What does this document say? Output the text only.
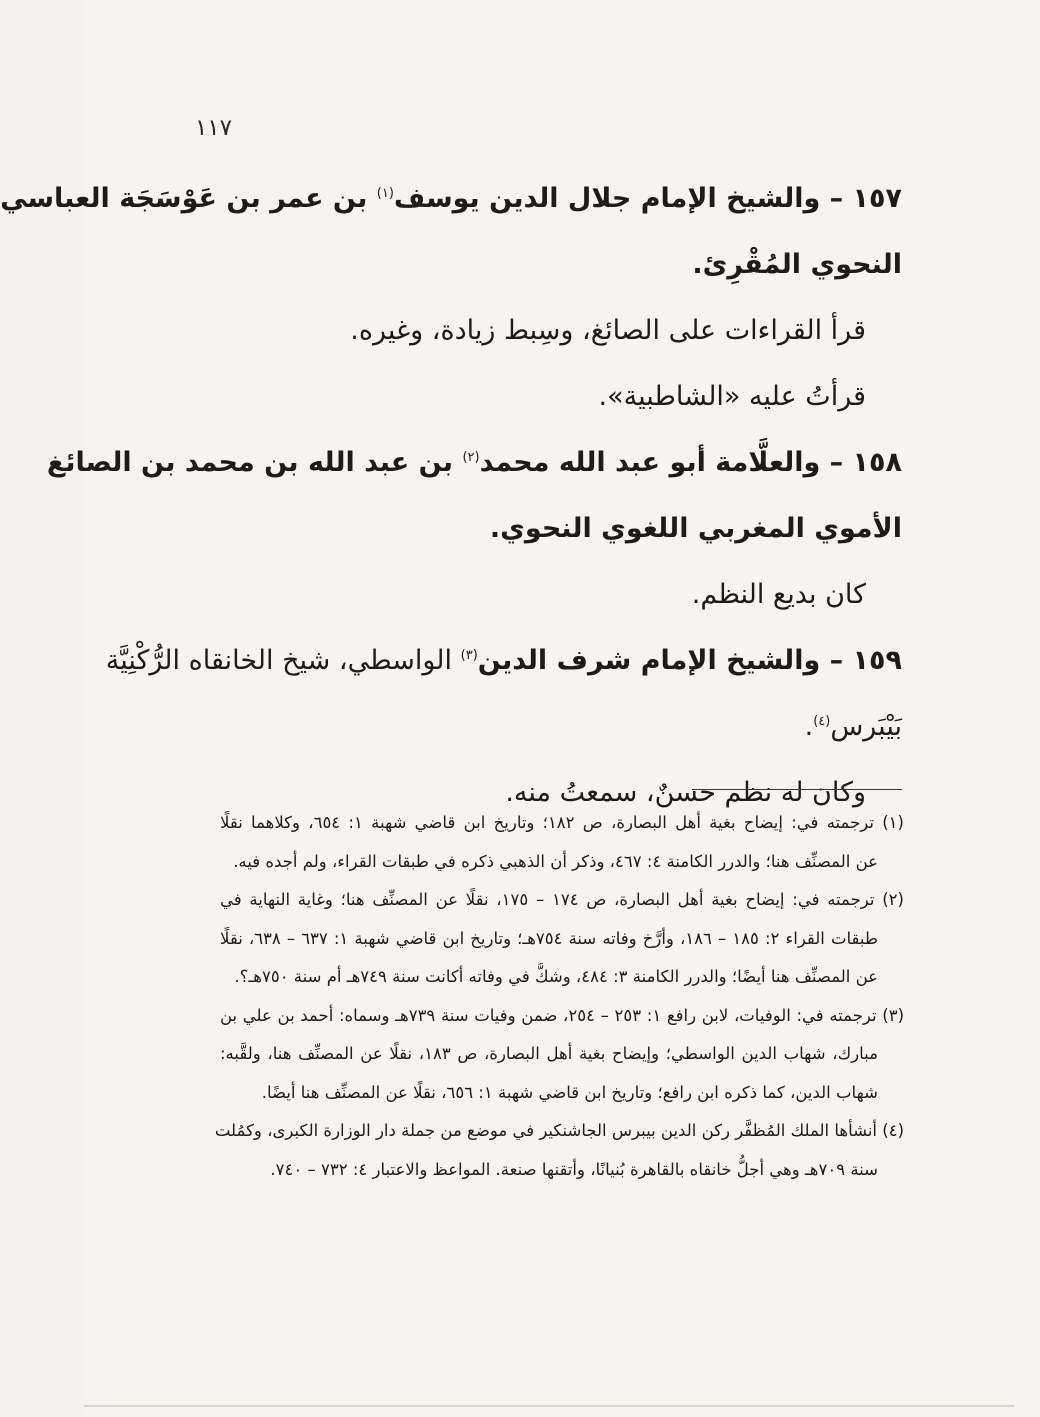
١١٧
١٥٧ – والشيخ الإمام جلال الدين يوسف$^{(١)}$ بن عمر بن عَوْسَجَة العباسي
النحوي المُقْرِئ.
قرأ القراءات على الصائغ، وسِبط زيادة، وغيره.
قرأتُ عليه «الشاطبية».
١٥٨ – والعلَّامة أبو عبد الله محمد$^{(٢)}$ بن عبد الله بن محمد بن الصائغ
الأموي المغربي اللغوي النحوي.
كان بديع النظم.
١٥٩ – والشيخ الإمام شرف الدين$^{(٣)}$ الواسطي، شيخ الخانقاه الرُّكْنِيَّة
بَيْبَرس$^{(٤)}$.
وكان له نظم حسنٌ، سمعتُ منه.
(١) ترجمته في: إيضاح بغية أهل البصارة، ص ١٨٢؛ وتاريخ ابن قاضي شهبة ١: ٦٥٤، وكلاهما نقلًا
عن المصنِّف هنا؛ والدرر الكامنة ٤: ٤٦٧، وذكر أن الذهبي ذكره في طبقات القراء، ولم أجده فيه.
(٢) ترجمته في: إيضاح بغية أهل البصارة، ص ١٧٤ – ١٧٥، نقلًا عن المصنِّف هنا؛ وغاية النهاية في
طبقات القراء ٢: ١٨٥ – ١٨٦، وأرَّخ وفاته سنة ٧٥٤هـ؛ وتاريخ ابن قاضي شهبة ١: ٦٣٧ – ٦٣٨، نقلًا
عن المصنِّف هنا أيضًا؛ والدرر الكامنة ٣: ٤٨٤، وشكَّ في وفاته أكانت سنة ٧٤٩هـ أم سنة ٧٥٠هـ؟.
(٣) ترجمته في: الوفيات، لابن رافع ١: ٢٥٣ – ٢٥٤، ضمن وفيات سنة ٧٣٩هـ وسماه: أحمد بن علي بن
مبارك، شهاب الدين الواسطي؛ وإيضاح بغية أهل البصارة، ص ١٨٣، نقلًا عن المصنِّف هنا، ولقَّبه:
شهاب الدين، كما ذكره ابن رافع؛ وتاريخ ابن قاضي شهبة ١: ٦٥٦، نقلًا عن المصنِّف هنا أيضًا.
(٤) أنشأها الملك المُظفَّر ركن الدين بيبرس الجاشنكير في موضع من جملة دار الوزارة الكبرى، وكمُلت
سنة ٧٠٩هـ وهي أجلُّ خانقاه بالقاهرة بُنيانًا، وأتقنها صنعة. المواعظ والاعتبار ٤: ٧٣٢ – ٧٤٠.
